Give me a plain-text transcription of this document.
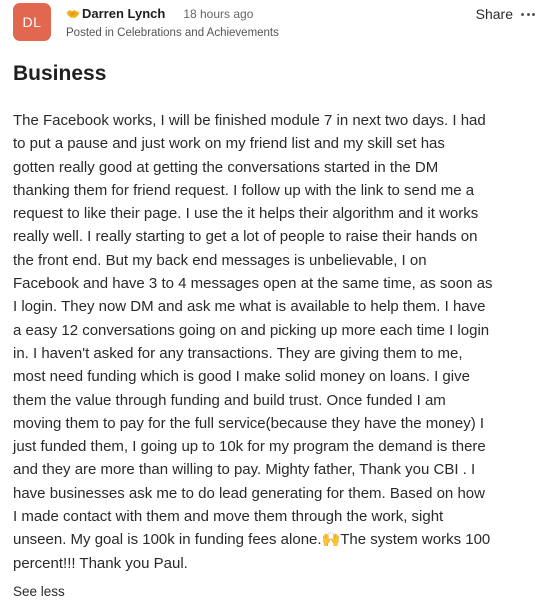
DL
Darren Lynch 18 hours ago
Posted in Celebrations and Achievements
Share
Business
The Facebook works, I will be finished module 7 in next two days. I had
to put a pause and just work on my friend list and my skill set has
gotten really good at getting the conversations started in the DM
thanking them for friend request. I follow up with the link to send me a
request to like their page. I use the it helps their algorithm and it works
really well. I really starting to get a lot of people to raise their hands on
the front end. But my back end messages is unbelievable, I on
Facebook and have 3 to 4 messages open at the same time, as soon as
I login. They now DM and ask me what is available to help them. I have
a easy 12 conversations going on and picking up more each time I login
in. I haven't asked for any transactions. They are giving them to me,
most need funding which is good I make solid money on loans. I give
them the value through funding and build trust. Once funded I am
moving them to pay for the full service(because they have the money) I
just funded them, I going up to 10k for my program the demand is there
and they are more than willing to pay. Mighty father, Thank you CBI . I
have businesses ask me to do lead generating for them. Based on how
I made contact with them and move them through the work, sight
unseen. My goal is 100k in funding fees alone.🙌The system works 100
percent!!! Thank you Paul.
See less
